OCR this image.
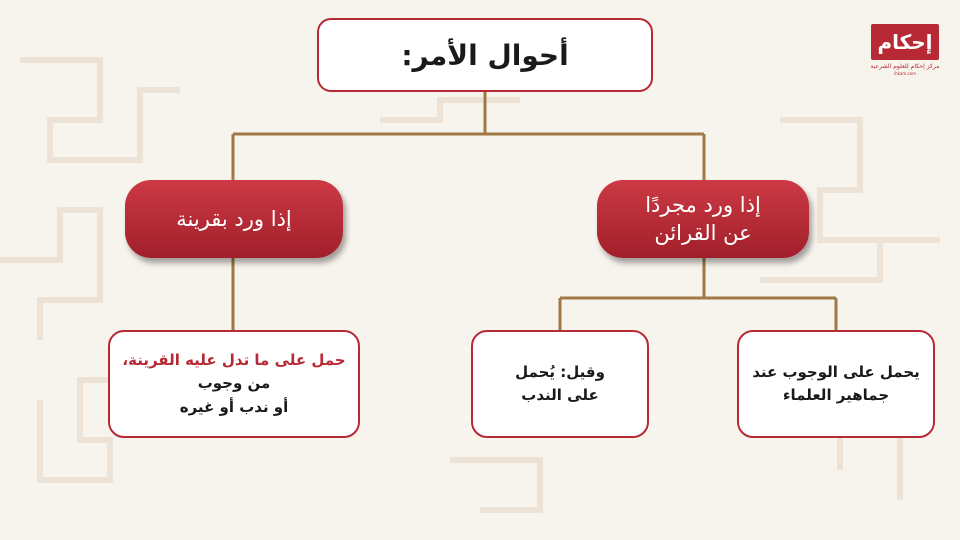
أحوال الأمر:	إحكام
مركز إحكام للعلوم الشرعية
ihkam.com
إذا ورد بقرينة
إذا ورد مجردًا
عن القرائن
حمل على ما تدل عليه القرينة،
من وجوب
أو ندب أو غيره
وقيل: يُحمل
على الندب
يحمل على الوجوب عند
جماهير العلماء
